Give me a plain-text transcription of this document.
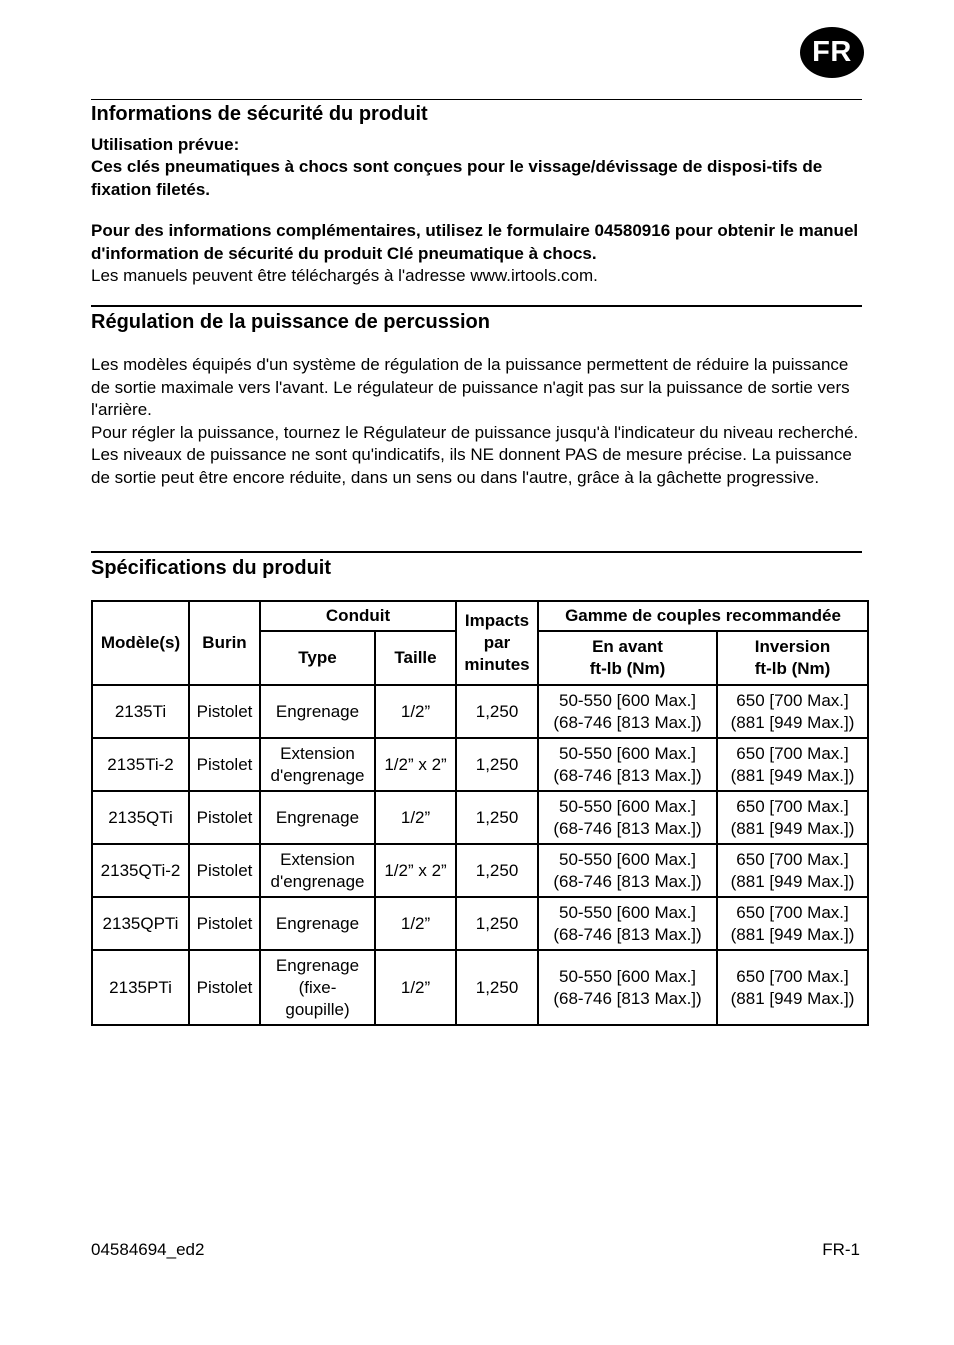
FR
Informations de sécurité du produit
Utilisation prévue:
Ces clés pneumatiques à chocs sont conçues pour le vissage/dévissage de disposi-tifs de fixation filetés.
Pour des informations complémentaires, utilisez le formulaire 04580916 pour obtenir le manuel d'information de sécurité du produit Clé pneumatique à chocs.
Les manuels peuvent être téléchargés à l'adresse www.irtools.com.
Régulation de la puissance de percussion

Les modèles équipés d'un système de régulation de la puissance permettent de réduire la puissance de sortie maximale vers l'avant. Le régulateur de puissance n'agit pas sur la puissance de sortie vers l'arrière.

Pour régler la puissance, tournez le Régulateur de puissance jusqu'à l'indicateur du niveau recherché.

Les niveaux de puissance ne sont qu'indicatifs, ils NE donnent PAS de mesure précise. La puissance de sortie peut être encore réduite, dans un sens ou dans l'autre, grâce à la gâchette progressive.

Spécifications du produit
Modèle(s)	Burin	Conduit		Impacts
par
minutes	Gamme de couples recommandée	
		Type	Taille		En avant
ft-lb (Nm)	Inversion
ft-lb (Nm)
2135Ti	Pistolet	Engrenage	1/2”	1,250	50-550 [600 Max.]
(68-746 [813 Max.])	650 [700 Max.]
(881 [949 Max.])
2135Ti-2	Pistolet	Extension
d'engrenage	1/2” x 2”	1,250	50-550 [600 Max.]
(68-746 [813 Max.])	650 [700 Max.]
(881 [949 Max.])
2135QTi	Pistolet	Engrenage	1/2”	1,250	50-550 [600 Max.]
(68-746 [813 Max.])	650 [700 Max.]
(881 [949 Max.])
2135QTi-2	Pistolet	Extension
d'engrenage	1/2” x 2”	1,250	50-550 [600 Max.]
(68-746 [813 Max.])	650 [700 Max.]
(881 [949 Max.])
2135QPTi	Pistolet	Engrenage	1/2”	1,250	50-550 [600 Max.]
(68-746 [813 Max.])	650 [700 Max.]
(881 [949 Max.])
2135PTi	Pistolet	Engrenage
(fixe-
goupille)	1/2”	1,250	50-550 [600 Max.]
(68-746 [813 Max.])	650 [700 Max.]
(881 [949 Max.])
04584694_ed2	FR-1
